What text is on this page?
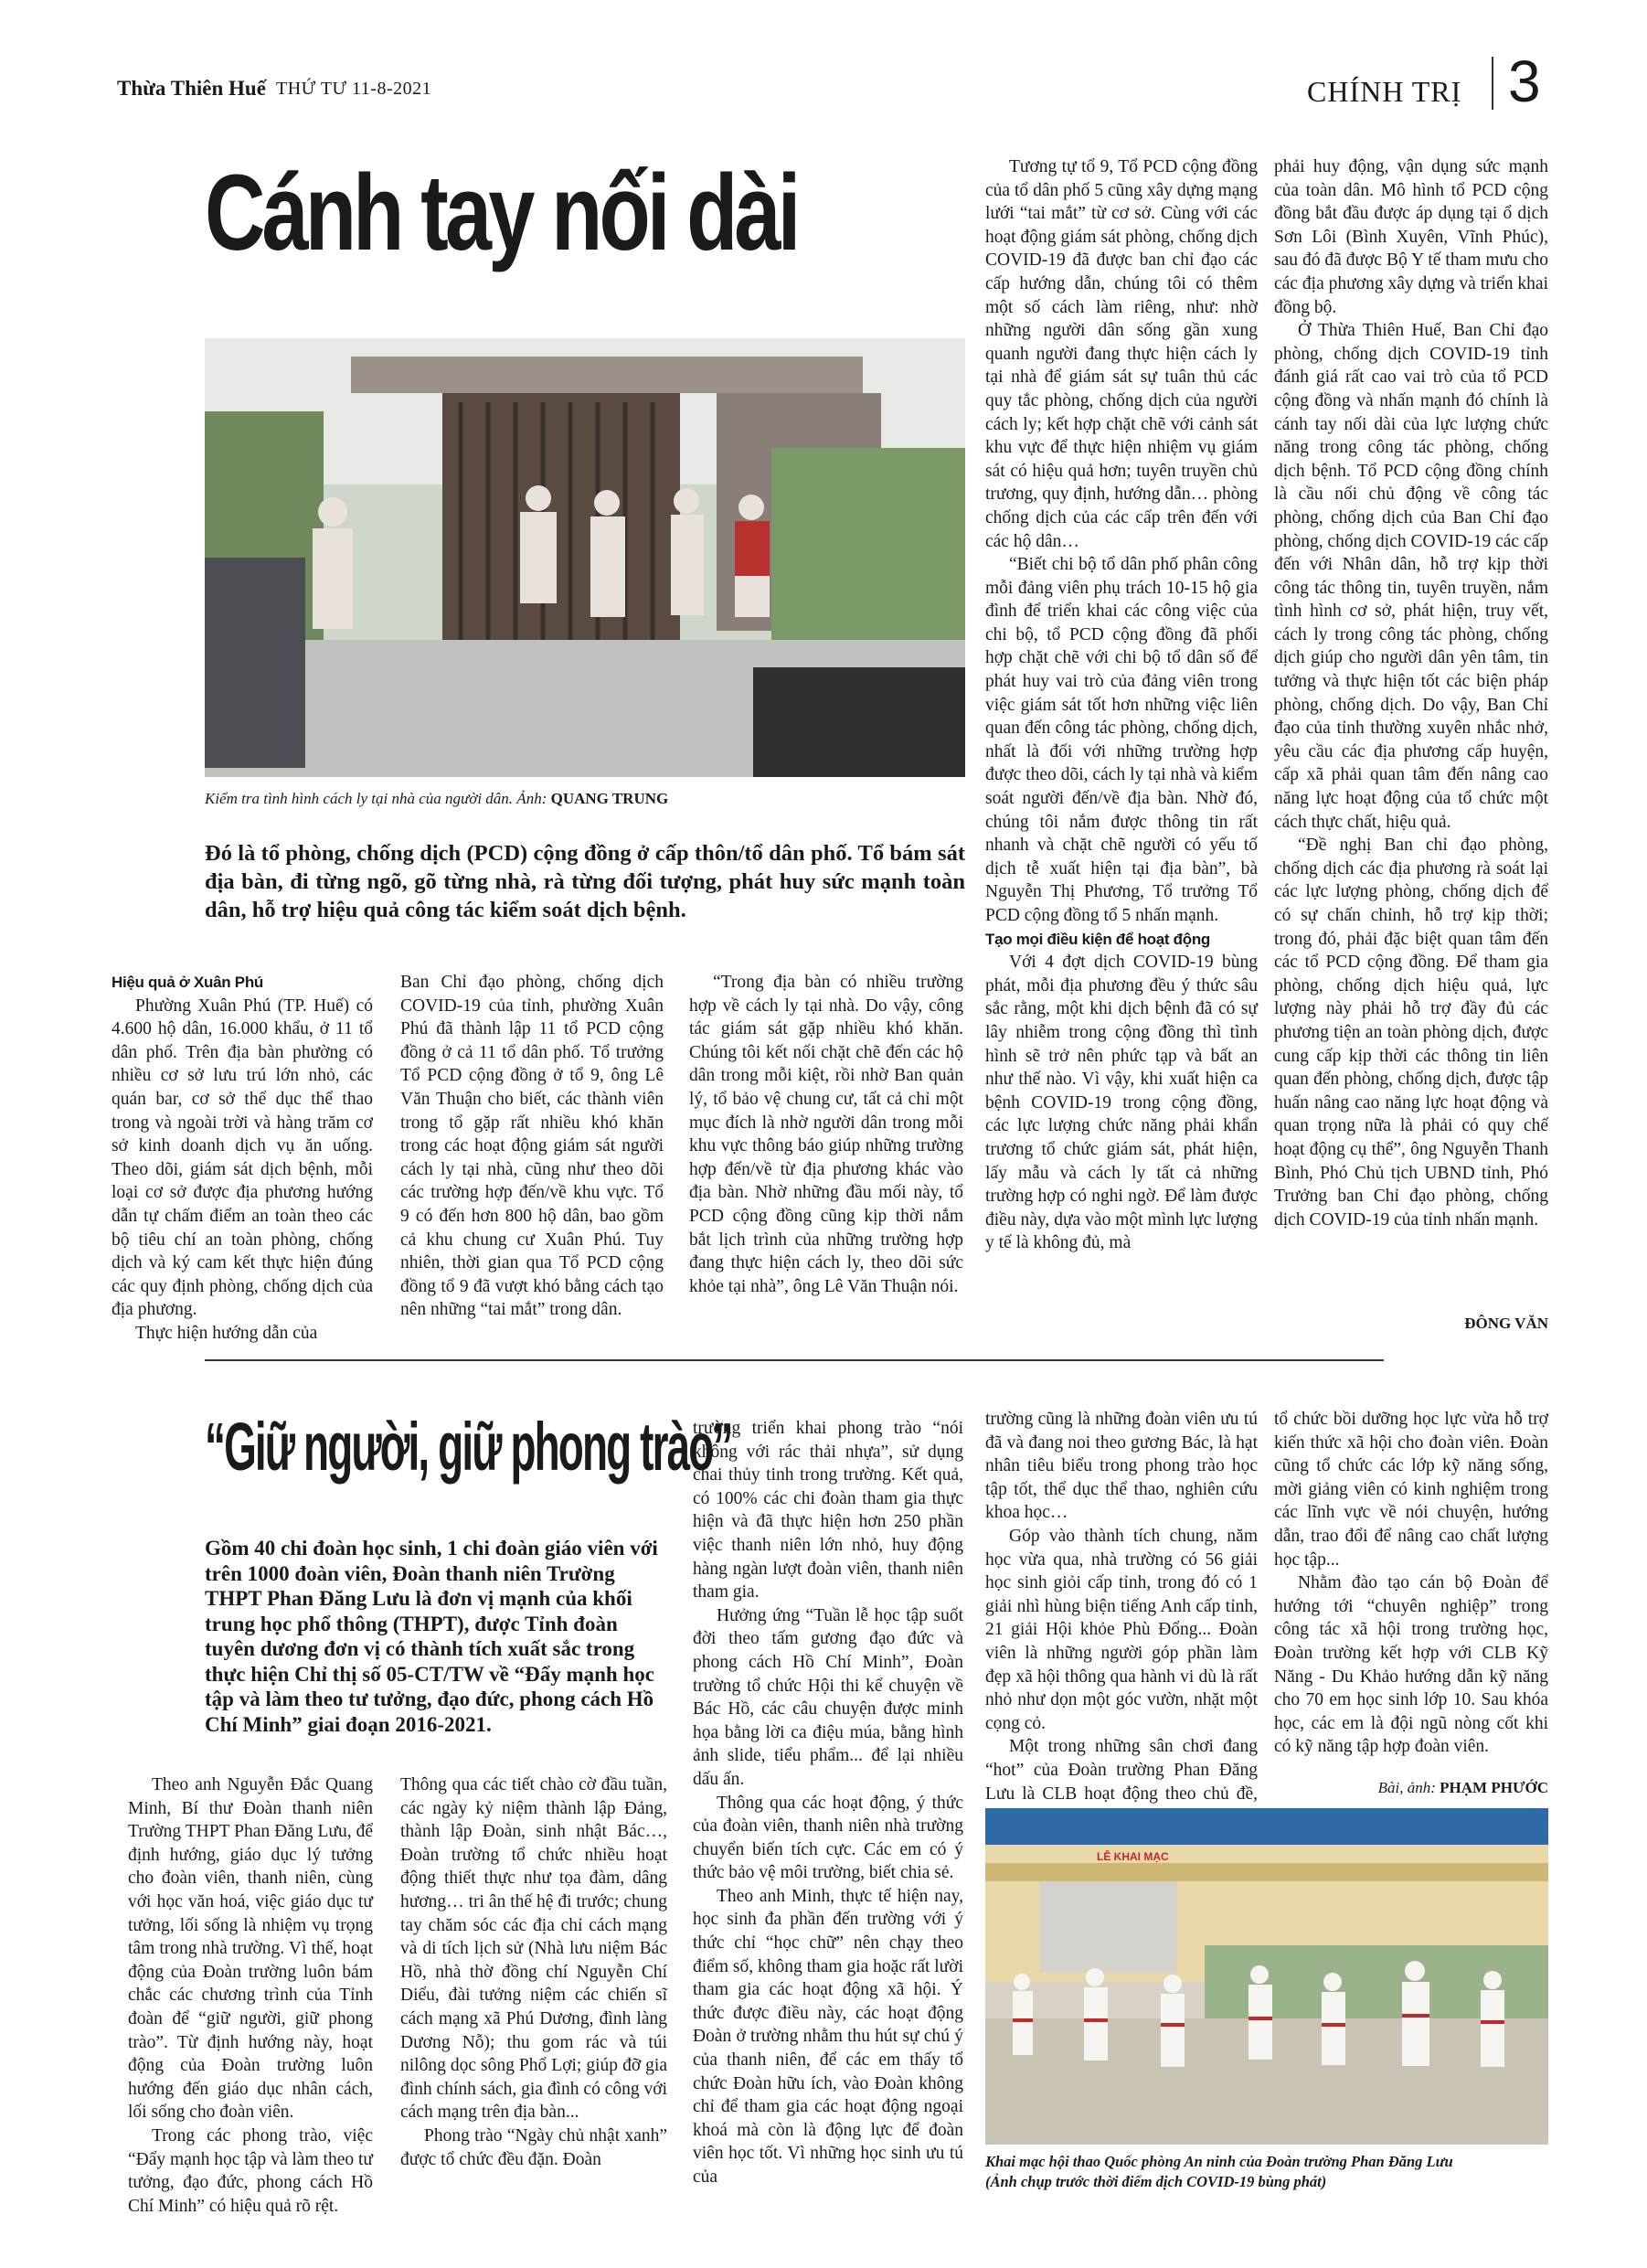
Thừa Thiên Huế THỨ TƯ 11-8-2021	CHÍNH TRỊ 3
Cánh tay nối dài
Kiểm tra tình hình cách ly tại nhà của người dân. Ảnh: QUANG TRUNG
Đó là tổ phòng, chống dịch (PCD) cộng đồng ở cấp thôn/tổ dân phố. Tổ bám sát địa bàn, đi từng ngõ, gõ từng nhà, rà từng đối tượng, phát huy sức mạnh toàn dân, hỗ trợ hiệu quả công tác kiểm soát dịch bệnh.

Hiệu quả ở Xuân Phú

Phường Xuân Phú (TP. Huế) có 4.600 hộ dân, 16.000 khẩu, ở 11 tổ dân phố. Trên địa bàn phường có nhiều cơ sở lưu trú lớn nhỏ, các quán bar, cơ sở thể dục thể thao trong và ngoài trời và hàng trăm cơ sở kinh doanh dịch vụ ăn uống. Theo dõi, giám sát dịch bệnh, mỗi loại cơ sở được địa phương hướng dẫn tự chấm điểm an toàn theo các bộ tiêu chí an toàn phòng, chống dịch và ký cam kết thực hiện đúng các quy định phòng, chống dịch của địa phương.

Thực hiện hướng dẫn của

Ban Chỉ đạo phòng, chống dịch COVID-19 của tỉnh, phường Xuân Phú đã thành lập 11 tổ PCD cộng đồng ở cả 11 tổ dân phố. Tổ trưởng Tổ PCD cộng đồng ở tổ 9, ông Lê Văn Thuận cho biết, các thành viên trong tổ gặp rất nhiều khó khăn trong các hoạt động giám sát người cách ly tại nhà, cũng như theo dõi các trường hợp đến/về khu vực. Tổ 9 có đến hơn 800 hộ dân, bao gồm cả khu chung cư Xuân Phú. Tuy nhiên, thời gian qua Tổ PCD cộng đồng tổ 9 đã vượt khó bằng cách tạo nên những “tai mắt” trong dân.

“Trong địa bàn có nhiều trường hợp về cách ly tại nhà. Do vậy, công tác giám sát gặp nhiều khó khăn. Chúng tôi kết nối chặt chẽ đến các hộ dân trong mỗi kiệt, rồi nhờ Ban quản lý, tổ bảo vệ chung cư, tất cả chỉ một mục đích là nhờ người dân trong mỗi khu vực thông báo giúp những trường hợp đến/về từ địa phương khác vào địa bàn. Nhờ những đầu mối này, tổ PCD cộng đồng cũng kịp thời nắm bắt lịch trình của những trường hợp đang thực hiện cách ly, theo dõi sức khỏe tại nhà”, ông Lê Văn Thuận nói.

Tương tự tổ 9, Tổ PCD cộng đồng của tổ dân phố 5 cũng xây dựng mạng lưới “tai mắt” từ cơ sở. Cùng với các hoạt động giám sát phòng, chống dịch COVID-19 đã được ban chỉ đạo các cấp hướng dẫn, chúng tôi có thêm một số cách làm riêng, như: nhờ những người dân sống gần xung quanh người đang thực hiện cách ly tại nhà để giám sát sự tuân thủ các quy tắc phòng, chống dịch của người cách ly; kết hợp chặt chẽ với cảnh sát khu vực để thực hiện nhiệm vụ giám sát có hiệu quả hơn; tuyên truyền chủ trương, quy định, hướng dẫn… phòng chống dịch của các cấp trên đến với các hộ dân…

“Biết chi bộ tổ dân phố phân công mỗi đảng viên phụ trách 10-15 hộ gia đình để triển khai các công việc của chi bộ, tổ PCD cộng đồng đã phối hợp chặt chẽ với chi bộ tổ dân số để phát huy vai trò của đảng viên trong việc giám sát tốt hơn những việc liên quan đến công tác phòng, chống dịch, nhất là đối với những trường hợp được theo dõi, cách ly tại nhà và kiểm soát người đến/về địa bàn. Nhờ đó, chúng tôi nắm được thông tin rất nhanh và chặt chẽ người có yếu tố dịch tễ xuất hiện tại địa bàn”, bà Nguyễn Thị Phương, Tổ trưởng Tổ PCD cộng đồng tổ 5 nhấn mạnh.

Tạo mọi điều kiện để hoạt động

Với 4 đợt dịch COVID-19 bùng phát, mỗi địa phương đều ý thức sâu sắc rằng, một khi dịch bệnh đã có sự lây nhiễm trong cộng đồng thì tình hình sẽ trở nên phức tạp và bất an như thế nào. Vì vậy, khi xuất hiện ca bệnh COVID-19 trong cộng đồng, các lực lượng chức năng phải khẩn trương tổ chức giám sát, phát hiện, lấy mẫu và cách ly tất cả những trường hợp có nghi ngờ. Để làm được điều này, dựa vào một mình lực lượng y tế là không đủ, mà

phải huy động, vận dụng sức mạnh của toàn dân. Mô hình tổ PCD cộng đồng bắt đầu được áp dụng tại ổ dịch Sơn Lôi (Bình Xuyên, Vĩnh Phúc), sau đó đã được Bộ Y tế tham mưu cho các địa phương xây dựng và triển khai đồng bộ.

Ở Thừa Thiên Huế, Ban Chỉ đạo phòng, chống dịch COVID-19 tỉnh đánh giá rất cao vai trò của tổ PCD cộng đồng và nhấn mạnh đó chính là cánh tay nối dài của lực lượng chức năng trong công tác phòng, chống dịch bệnh. Tổ PCD cộng đồng chính là cầu nối chủ động về công tác phòng, chống dịch của Ban Chỉ đạo phòng, chống dịch COVID-19 các cấp đến với Nhân dân, hỗ trợ kịp thời công tác thông tin, tuyên truyền, nắm tình hình cơ sở, phát hiện, truy vết, cách ly trong công tác phòng, chống dịch giúp cho người dân yên tâm, tin tưởng và thực hiện tốt các biện pháp phòng, chống dịch. Do vậy, Ban Chỉ đạo của tỉnh thường xuyên nhắc nhở, yêu cầu các địa phương cấp huyện, cấp xã phải quan tâm đến nâng cao năng lực hoạt động của tổ chức một cách thực chất, hiệu quả.

“Đề nghị Ban chỉ đạo phòng, chống dịch các địa phương rà soát lại các lực lượng phòng, chống dịch để có sự chấn chỉnh, hỗ trợ kịp thời; trong đó, phải đặc biệt quan tâm đến các tổ PCD cộng đồng. Để tham gia phòng, chống dịch hiệu quả, lực lượng này phải hỗ trợ đầy đủ các phương tiện an toàn phòng dịch, được cung cấp kịp thời các thông tin liên quan đến phòng, chống dịch, được tập huấn nâng cao năng lực hoạt động và quan trọng nữa là phải có quy chế hoạt động cụ thể”, ông Nguyễn Thanh Bình, Phó Chủ tịch UBND tỉnh, Phó Trưởng ban Chỉ đạo phòng, chống dịch COVID-19 của tỉnh nhấn mạnh.

ĐÔNG VĂN
“Giữ người, giữ phong trào”
Gồm 40 chi đoàn học sinh, 1 chi đoàn giáo viên với trên 1000 đoàn viên, Đoàn thanh niên Trường THPT Phan Đăng Lưu là đơn vị mạnh của khối trung học phổ thông (THPT), được Tỉnh đoàn tuyên dương đơn vị có thành tích xuất sắc trong thực hiện Chỉ thị số 05-CT/TW về “Đẩy mạnh học tập và làm theo tư tưởng, đạo đức, phong cách Hồ Chí Minh” giai đoạn 2016-2021.

Theo anh Nguyễn Đắc Quang Minh, Bí thư Đoàn thanh niên Trường THPT Phan Đăng Lưu, để định hướng, giáo dục lý tưởng cho đoàn viên, thanh niên, cùng với học văn hoá, việc giáo dục tư tưởng, lối sống là nhiệm vụ trọng tâm trong nhà trường. Vì thế, hoạt động của Đoàn trường luôn bám chắc các chương trình của Tỉnh đoàn để “giữ người, giữ phong trào”. Từ định hướng này, hoạt động của Đoàn trường luôn hướng đến giáo dục nhân cách, lối sống cho đoàn viên.

Trong các phong trào, việc “Đẩy mạnh học tập và làm theo tư tưởng, đạo đức, phong cách Hồ Chí Minh” có hiệu quả rõ rệt.

Thông qua các tiết chào cờ đầu tuần, các ngày kỷ niệm thành lập Đảng, thành lập Đoàn, sinh nhật Bác…, Đoàn trường tổ chức nhiều hoạt động thiết thực như tọa đàm, dâng hương… tri ân thế hệ đi trước; chung tay chăm sóc các địa chỉ cách mạng và di tích lịch sử (Nhà lưu niệm Bác Hồ, nhà thờ đồng chí Nguyễn Chí Diểu, đài tưởng niệm các chiến sĩ cách mạng xã Phú Dương, đình làng Dương Nỗ); thu gom rác và túi nilông dọc sông Phổ Lợi; giúp đỡ gia đình chính sách, gia đình có công với cách mạng trên địa bàn...

Phong trào “Ngày chủ nhật xanh” được tổ chức đều đặn. Đoàn

trường triển khai phong trào “nói không với rác thải nhựa”, sử dụng chai thủy tinh trong trường. Kết quả, có 100% các chi đoàn tham gia thực hiện và đã thực hiện hơn 250 phần việc thanh niên lớn nhỏ, huy động hàng ngàn lượt đoàn viên, thanh niên tham gia.

Hưởng ứng “Tuần lễ học tập suốt đời theo tấm gương đạo đức và phong cách Hồ Chí Minh”, Đoàn trường tổ chức Hội thi kể chuyện về Bác Hồ, các câu chuyện được minh họa bằng lời ca điệu múa, bằng hình ảnh slide, tiểu phẩm... để lại nhiều dấu ấn.

Thông qua các hoạt động, ý thức của đoàn viên, thanh niên nhà trường chuyển biến tích cực. Các em có ý thức bảo vệ môi trường, biết chia sẻ.

Theo anh Minh, thực tế hiện nay, học sinh đa phần đến trường với ý thức chỉ “học chữ” nên chạy theo điểm số, không tham gia hoặc rất lười tham gia các hoạt động xã hội. Ý thức được điều này, các hoạt động Đoàn ở trường nhằm thu hút sự chú ý của thanh niên, để các em thấy tổ chức Đoàn hữu ích, vào Đoàn không chỉ để tham gia các hoạt động ngoại khoá mà còn là động lực để đoàn viên học tốt. Vì những học sinh ưu tú của

trường cũng là những đoàn viên ưu tú đã và đang noi theo gương Bác, là hạt nhân tiêu biểu trong phong trào học tập tốt, thể dục thể thao, nghiên cứu khoa học…

Góp vào thành tích chung, năm học vừa qua, nhà trường có 56 giải học sinh giỏi cấp tỉnh, trong đó có 1 giải nhì hùng biện tiếng Anh cấp tỉnh, 21 giải Hội khỏe Phù Đổng... Đoàn viên là những người góp phần làm đẹp xã hội thông qua hành vi dù là rất nhỏ như dọn một góc vườn, nhặt một cọng cỏ.

Một trong những sân chơi đang “hot” của Đoàn trường Phan Đăng Lưu là CLB hoạt động theo chủ đề,

tổ chức bồi dưỡng học lực vừa hỗ trợ kiến thức xã hội cho đoàn viên. Đoàn cũng tổ chức các lớp kỹ năng sống, mời giảng viên có kinh nghiệm trong các lĩnh vực về nói chuyện, hướng dẫn, trao đổi để nâng cao chất lượng học tập...

Nhằm đào tạo cán bộ Đoàn để hướng tới “chuyên nghiệp” trong công tác xã hội trong trường học, Đoàn trường kết hợp với CLB Kỹ Năng - Du Khảo hướng dẫn kỹ năng cho 70 em học sinh lớp 10. Sau khóa học, các em là đội ngũ nòng cốt khi có kỹ năng tập hợp đoàn viên.

Bài, ảnh: PHẠM PHƯỚC
LỄ KHAI MẠC
Khai mạc hội thao Quốc phòng An ninh của Đoàn trường Phan Đăng Lưu
(Ảnh chụp trước thời điểm dịch COVID-19 bùng phát)
